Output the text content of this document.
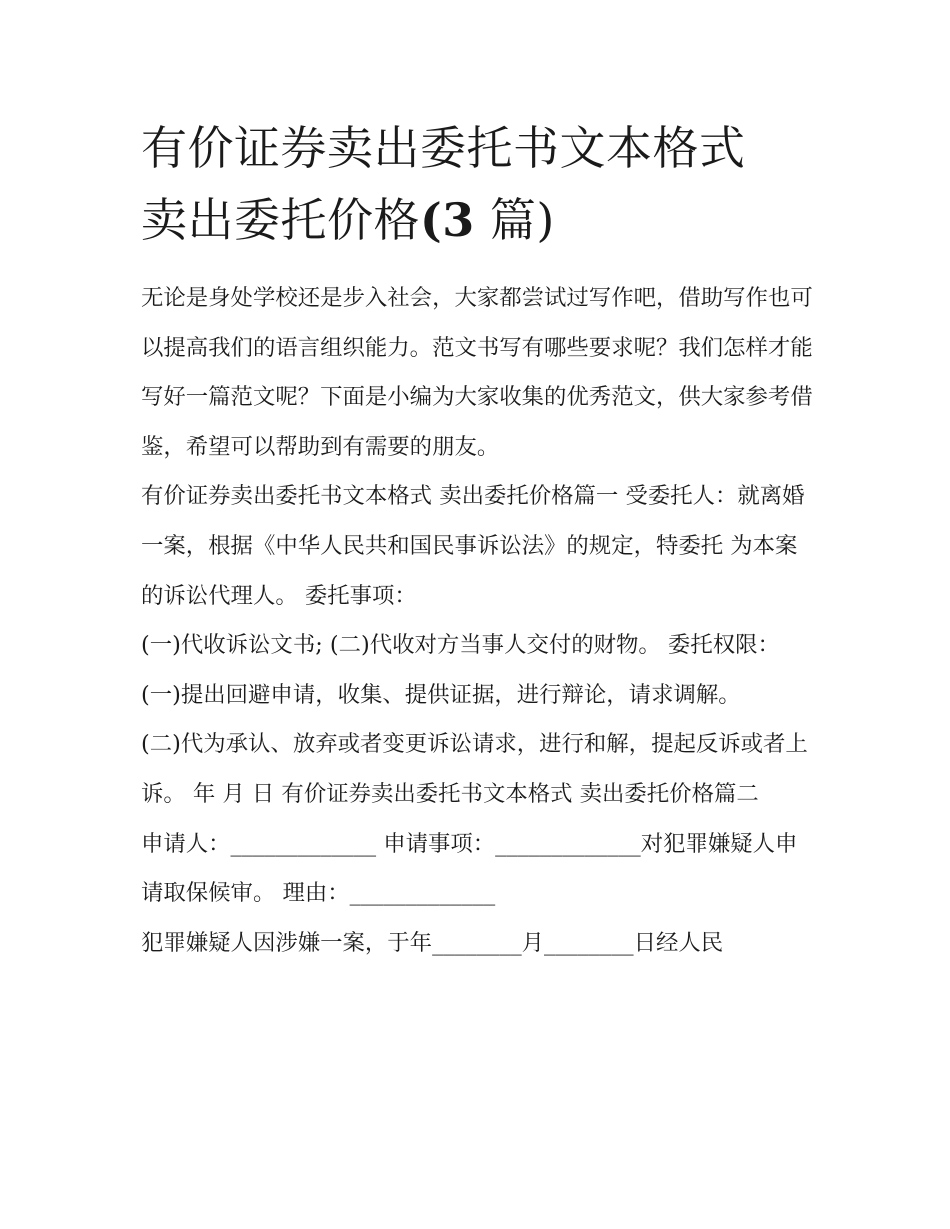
有价证券卖出委托书文本格式
卖出委托价格(3 篇)

无论是身处学校还是步入社会，大家都尝试过写作吧，借助写作也可以提高我们的语言组织能力。范文书写有哪些要求呢？我们怎样才能写好一篇范文呢？下面是小编为大家收集的优秀范文，供大家参考借鉴，希望可以帮助到有需要的朋友。

有价证券卖出委托书文本格式 卖出委托价格篇一 受委托人：就离婚一案，根据《中华人民共和国民事诉讼法》的规定，特委托 为本案的诉讼代理人。 委托事项：

(一)代收诉讼文书; (二)代收对方当事人交付的财物。 委托权限： (一)提出回避申请，收集、提供证据，进行辩论，请求调解。

(二)代为承认、放弃或者变更诉讼请求，进行和解，提起反诉或者上诉。 年 月 日 有价证券卖出委托书文本格式 卖出委托价格篇二

申请人：_____________ 申请事项：_____________对犯罪嫌疑人申请取保候审。 理由：_____________

犯罪嫌疑人因涉嫌一案，于年________月________日经人民
